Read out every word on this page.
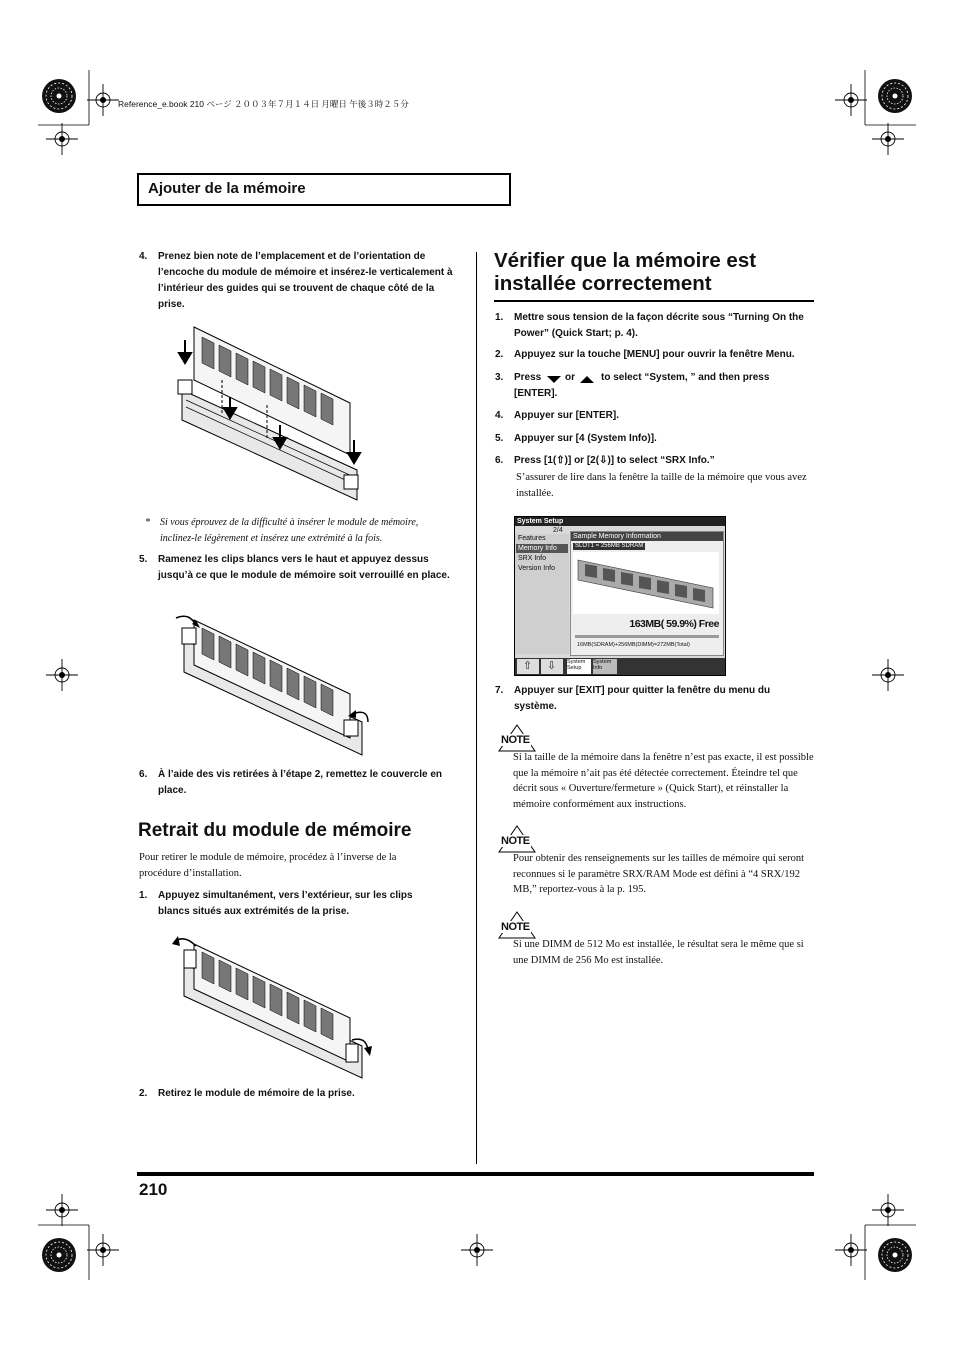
Reference_e.book 210 ページ ２００３年７月１４日 月曜日 午後３時２５分
Ajouter de la mémoire
4. Prenez bien note de l’emplacement et de l’orientation de l’encoche du module de mémoire et insérez-le verticalement à l’intérieur des guides qui se trouvent de chaque côté de la prise.
* Si vous éprouvez de la difficulté à insérer le module de mémoire, inclinez-le légèrement et insérez une extrémité à la fois.
5. Ramenez les clips blancs vers le haut et appuyez dessus jusqu’à ce que le module de mémoire soit verrouillé en place.
6. À l’aide des vis retirées à l’étape 2, remettez le couvercle en place.
Retrait du module de mémoire
Pour retirer le module de mémoire, procédez à l’inverse de la procédure d’installation.
1. Appuyez simultanément, vers l’extérieur, sur les clips blancs situés aux extrémités de la prise.
2. Retirez le module de mémoire de la prise.
Vérifier que la mémoire est installée correctement
1. Mettre sous tension de la façon décrite sous “Turning On the Power” (Quick Start; p. 4).
2. Appuyez sur la touche [MENU] pour ouvrir la fenêtre Menu.
3. Press or	to select “System, ” and then press [ENTER].
4. Appuyer sur [ENTER].
5. Appuyer sur [4 (System Info)].
6. Press [1(⇧)] or [2(⇩)] to select “SRX Info.”
S’assurer de lire dans la fenêtre la taille de la mémoire que vous avez installée.
System Setup
2/4
Features
Memory Info
SRX Info
Version Info
Sample Memory Information
SLOT1 = 256MB SDRAM
163MB( 59.9%) Free
16MB(SDRAM)+256MB(DIMM)=272MB(Total)
⇧ ⇩ System Setup
System Info
7. Appuyer sur [EXIT] pour quitter la fenêtre du menu du système.
NOTE
Si la taille de la mémoire dans la fenêtre n’est pas exacte, il est possible que la mémoire n’ait pas été détectée correctement. Éteindre tel que décrit sous « Ouverture/fermeture » (Quick Start), et réinstaller la mémoire conformément aux instructions.
NOTE
Pour obtenir des renseignements sur les tailles de mémoire qui seront reconnues si le paramètre SRX/RAM Mode est défini à “4 SRX/192 MB,” reportez-vous à la p. 195.
NOTE
Si une DIMM de 512 Mo est installée, le résultat sera le même que si une DIMM de 256 Mo est installée.
210
